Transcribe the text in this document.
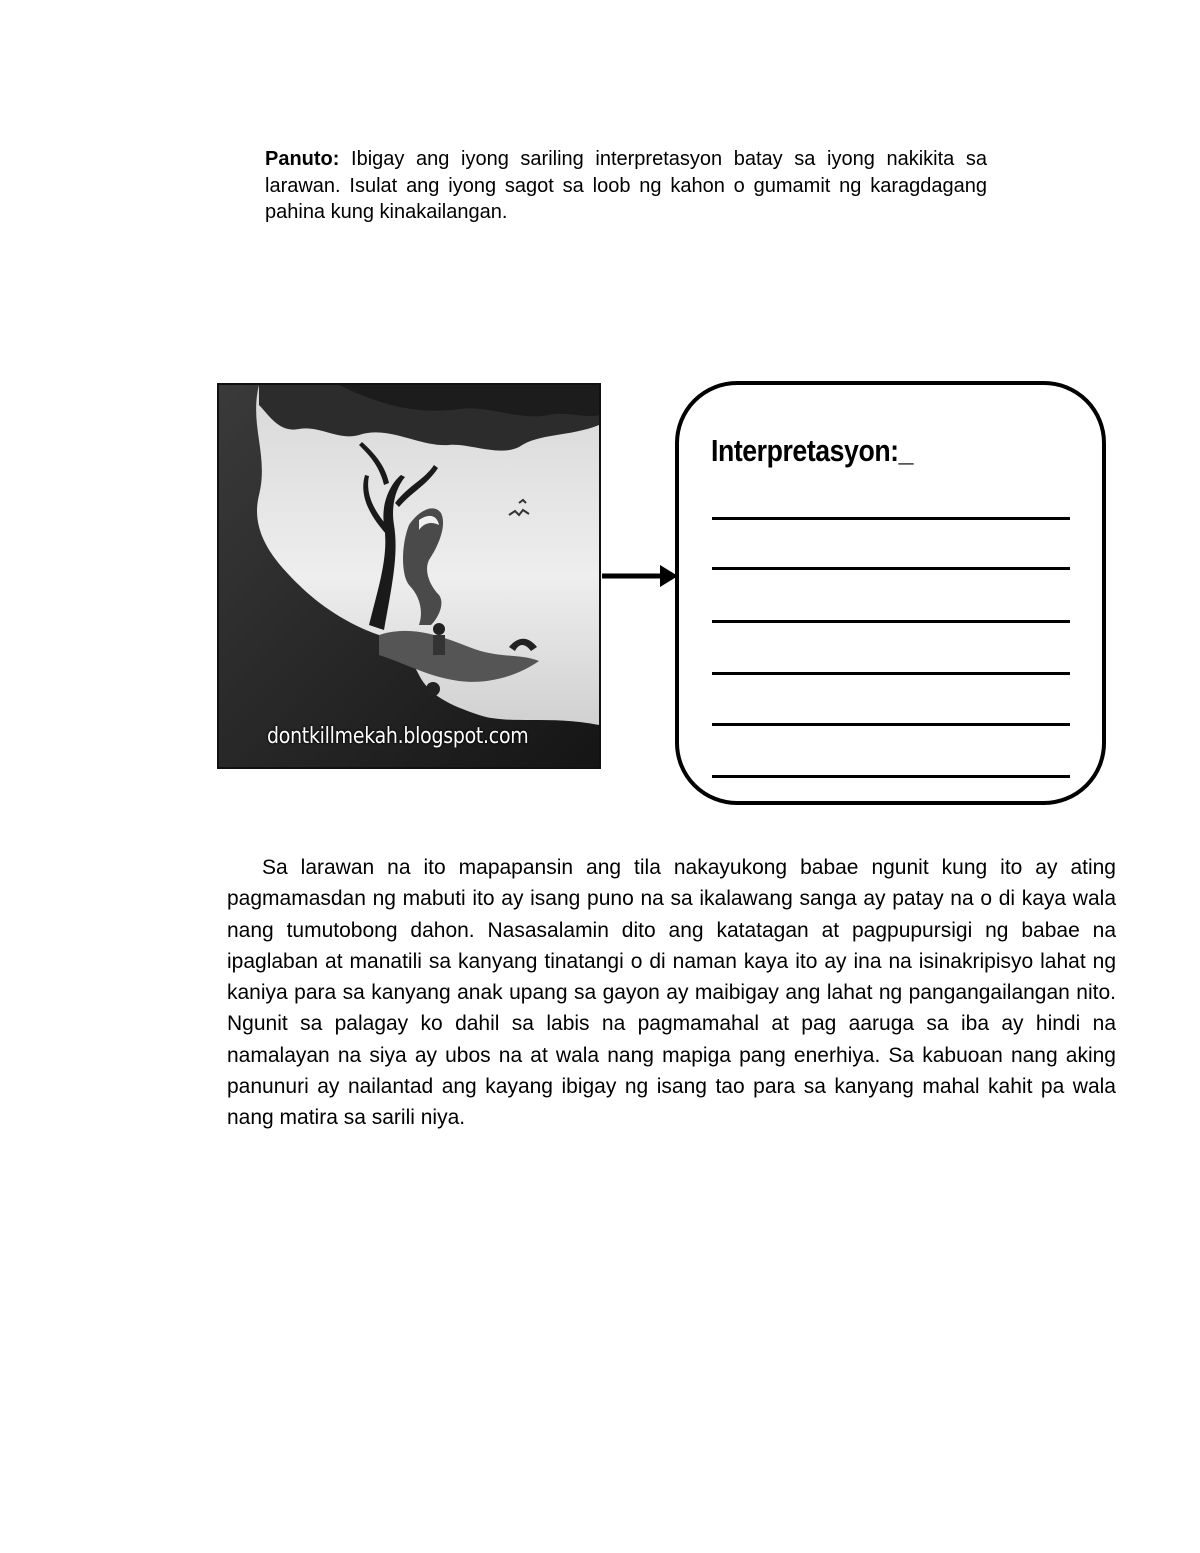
Panuto: Ibigay ang iyong sariling interpretasyon batay sa iyong nakikita sa larawan. Isulat ang iyong sagot sa loob ng kahon o gumamit ng karagdagang pahina kung kinakailangan.
dontkillmekah.blogspot.com
Interpretasyon:_
Sa larawan na ito mapapansin ang tila nakayukong babae ngunit kung ito ay ating pagmamasdan ng mabuti ito ay isang puno na sa ikalawang sanga ay patay na o di kaya wala nang tumutobong dahon. Nasasalamin dito ang katatagan at pagpupursigi ng babae na ipaglaban at manatili sa kanyang tinatangi o di naman kaya ito ay ina na isinakripisyo lahat ng kaniya para sa kanyang anak upang sa gayon ay maibigay ang lahat ng pangangailangan nito. Ngunit sa palagay ko dahil sa labis na pagmamahal at pag aaruga sa iba ay hindi na namalayan na siya ay ubos na at wala nang mapiga pang enerhiya. Sa kabuoan nang aking panunuri ay nailantad ang kayang ibigay ng isang tao para sa kanyang mahal kahit pa wala nang matira sa sarili niya.
